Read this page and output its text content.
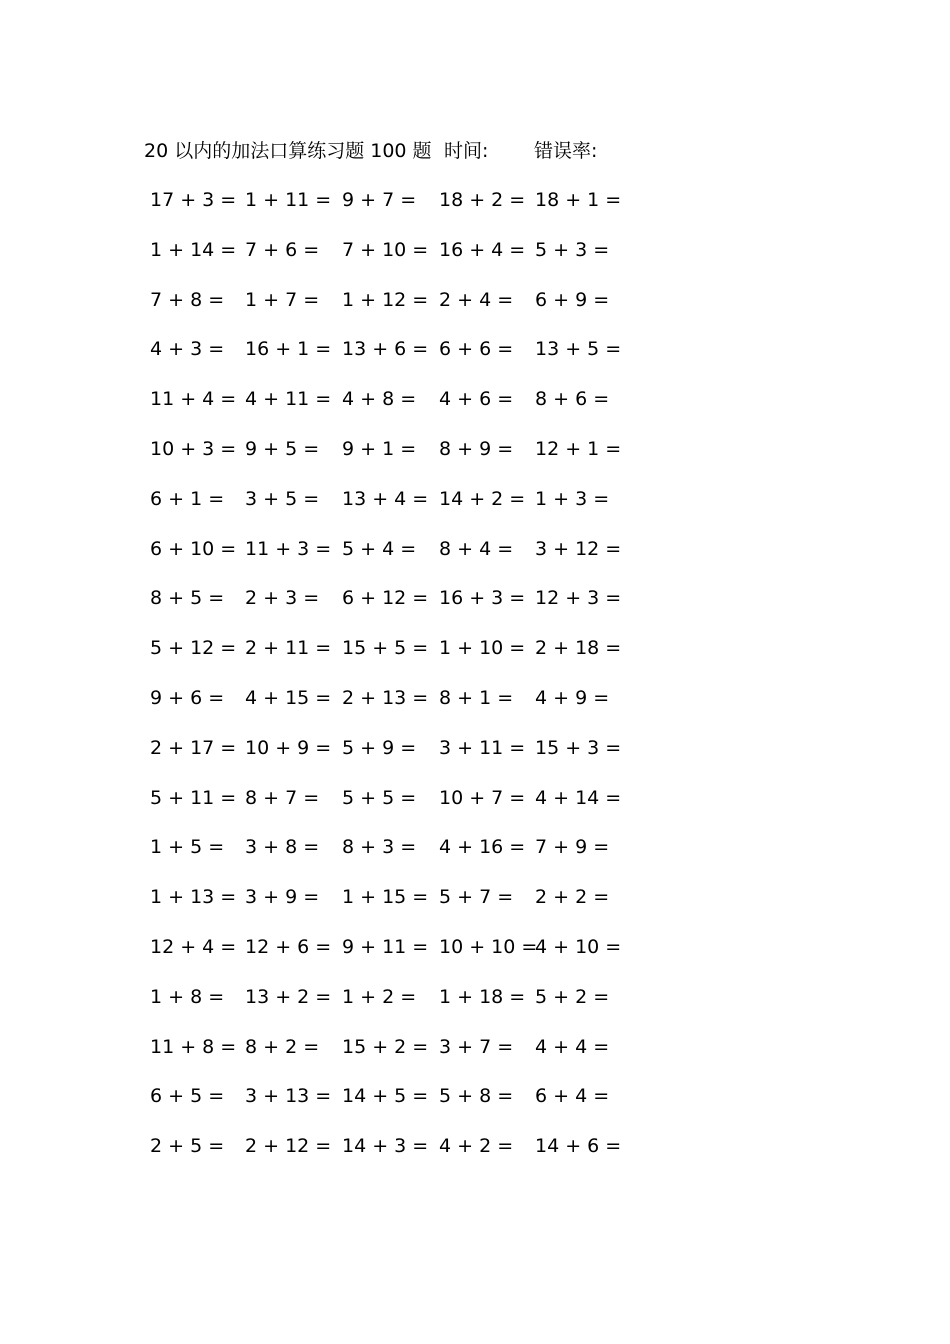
20 以内的加法口算练习题 100 题 时间: 错误率:
17 + 3 = 1 + 11 = 9 + 7 = 18 + 2 = 18 + 1 =
1 + 14 = 7 + 6 = 7 + 10 = 16 + 4 = 5 + 3 =
7 + 8 = 1 + 7 = 1 + 12 = 2 + 4 = 6 + 9 =
4 + 3 = 16 + 1 = 13 + 6 = 6 + 6 = 13 + 5 =
11 + 4 = 4 + 11 = 4 + 8 = 4 + 6 = 8 + 6 =
10 + 3 = 9 + 5 = 9 + 1 = 8 + 9 = 12 + 1 =
6 + 1 = 3 + 5 = 13 + 4 = 14 + 2 = 1 + 3 =
6 + 10 = 11 + 3 = 5 + 4 = 8 + 4 = 3 + 12 =
8 + 5 = 2 + 3 = 6 + 12 = 16 + 3 = 12 + 3 =
5 + 12 = 2 + 11 = 15 + 5 = 1 + 10 = 2 + 18 =
9 + 6 = 4 + 15 = 2 + 13 = 8 + 1 = 4 + 9 =
2 + 17 = 10 + 9 = 5 + 9 = 3 + 11 = 15 + 3 =
5 + 11 = 8 + 7 = 5 + 5 = 10 + 7 = 4 + 14 =
1 + 5 = 3 + 8 = 8 + 3 = 4 + 16 = 7 + 9 =
1 + 13 = 3 + 9 = 1 + 15 = 5 + 7 = 2 + 2 =
12 + 4 = 12 + 6 = 9 + 11 = 10 + 10 =
4 + 10 =
1 + 8 = 13 + 2 = 1 + 2 = 1 + 18 = 5 + 2 =
11 + 8 = 8 + 2 = 15 + 2 = 3 + 7 = 4 + 4 =
6 + 5 = 3 + 13 = 14 + 5 = 5 + 8 = 6 + 4 =
2 + 5 = 2 + 12 = 14 + 3 = 4 + 2 = 14 + 6 =
